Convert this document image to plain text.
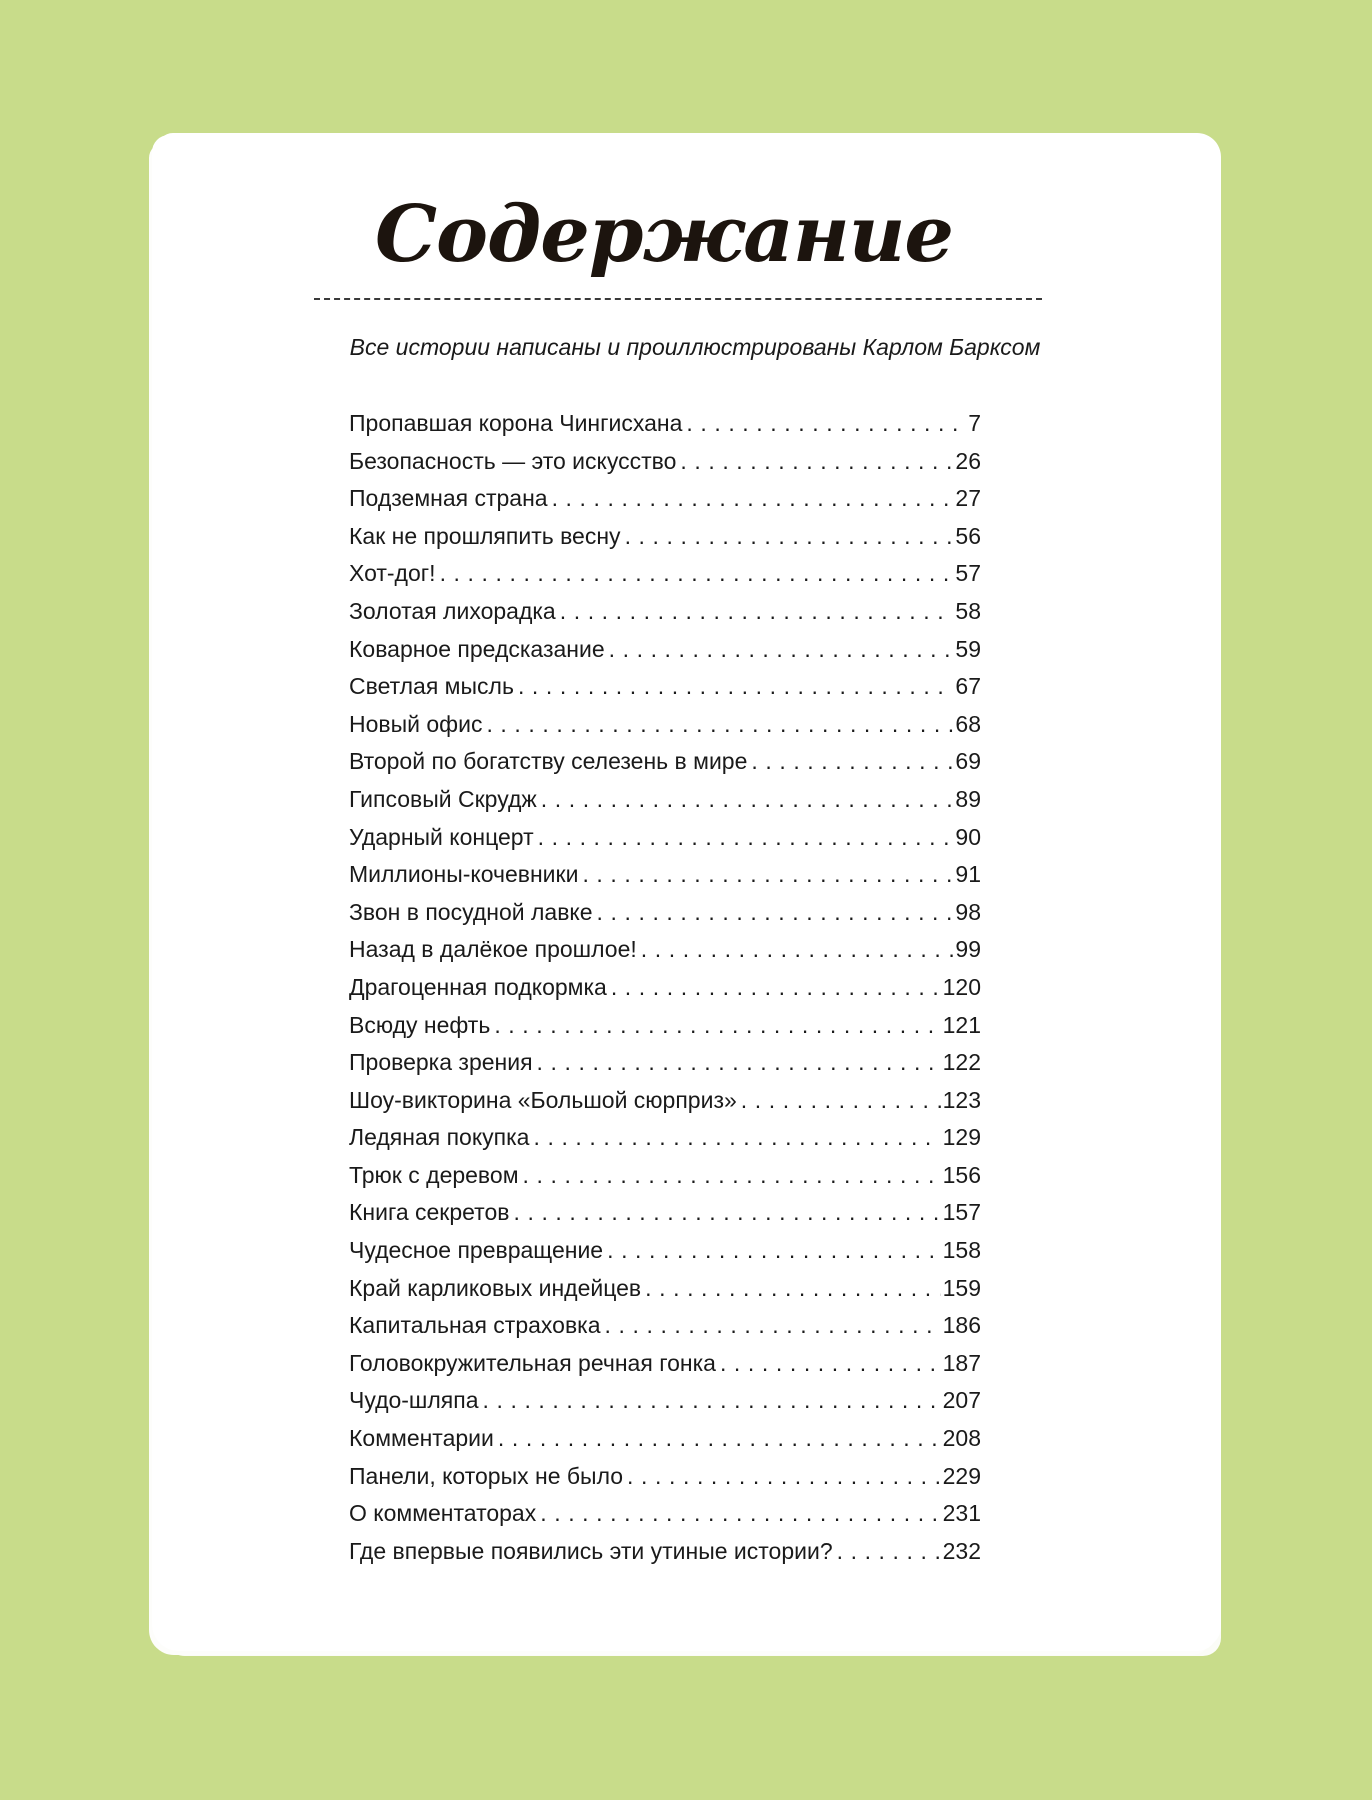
Содержание
Все истории написаны и проиллюстрированы Карлом Барксом
Пропавшая корона Чингисхана . . .	7
Безопасность — это искусство . . .	26
Подземная страна . . .	27
Как не прошляпить весну . . .	56
Хот-дог! . . .	57
Золотая лихорадка . . .	58
Коварное предсказание . . .	59
Светлая мысль . . .	67
Новый офис . . .	68
Второй по богатству селезень в мире . . .	69
Гипсовый Скрудж . . .	89
Ударный концерт . . .	90
Миллионы-кочевники . . .	91
Звон в посудной лавке . . .	98
Назад в далёкое прошлое! . . .	99
Драгоценная подкормка . . .	120
Всюду нефть . . .	121
Проверка зрения . . .	122
Шоу-викторина «Большой сюрприз» . . .	123
Ледяная покупка . . .	129
Трюк с деревом . . .	156
Книга секретов . . .	157
Чудесное превращение . . .	158
Край карликовых индейцев . . .	159
Капитальная страховка . . .	186
Головокружительная речная гонка . . .	187
Чудо-шляпа . . .	207
Комментарии . . .	208
Панели, которых не было . . .	229
О комментаторах . . .	231
Где впервые появились эти утиные истории? . . .	232
